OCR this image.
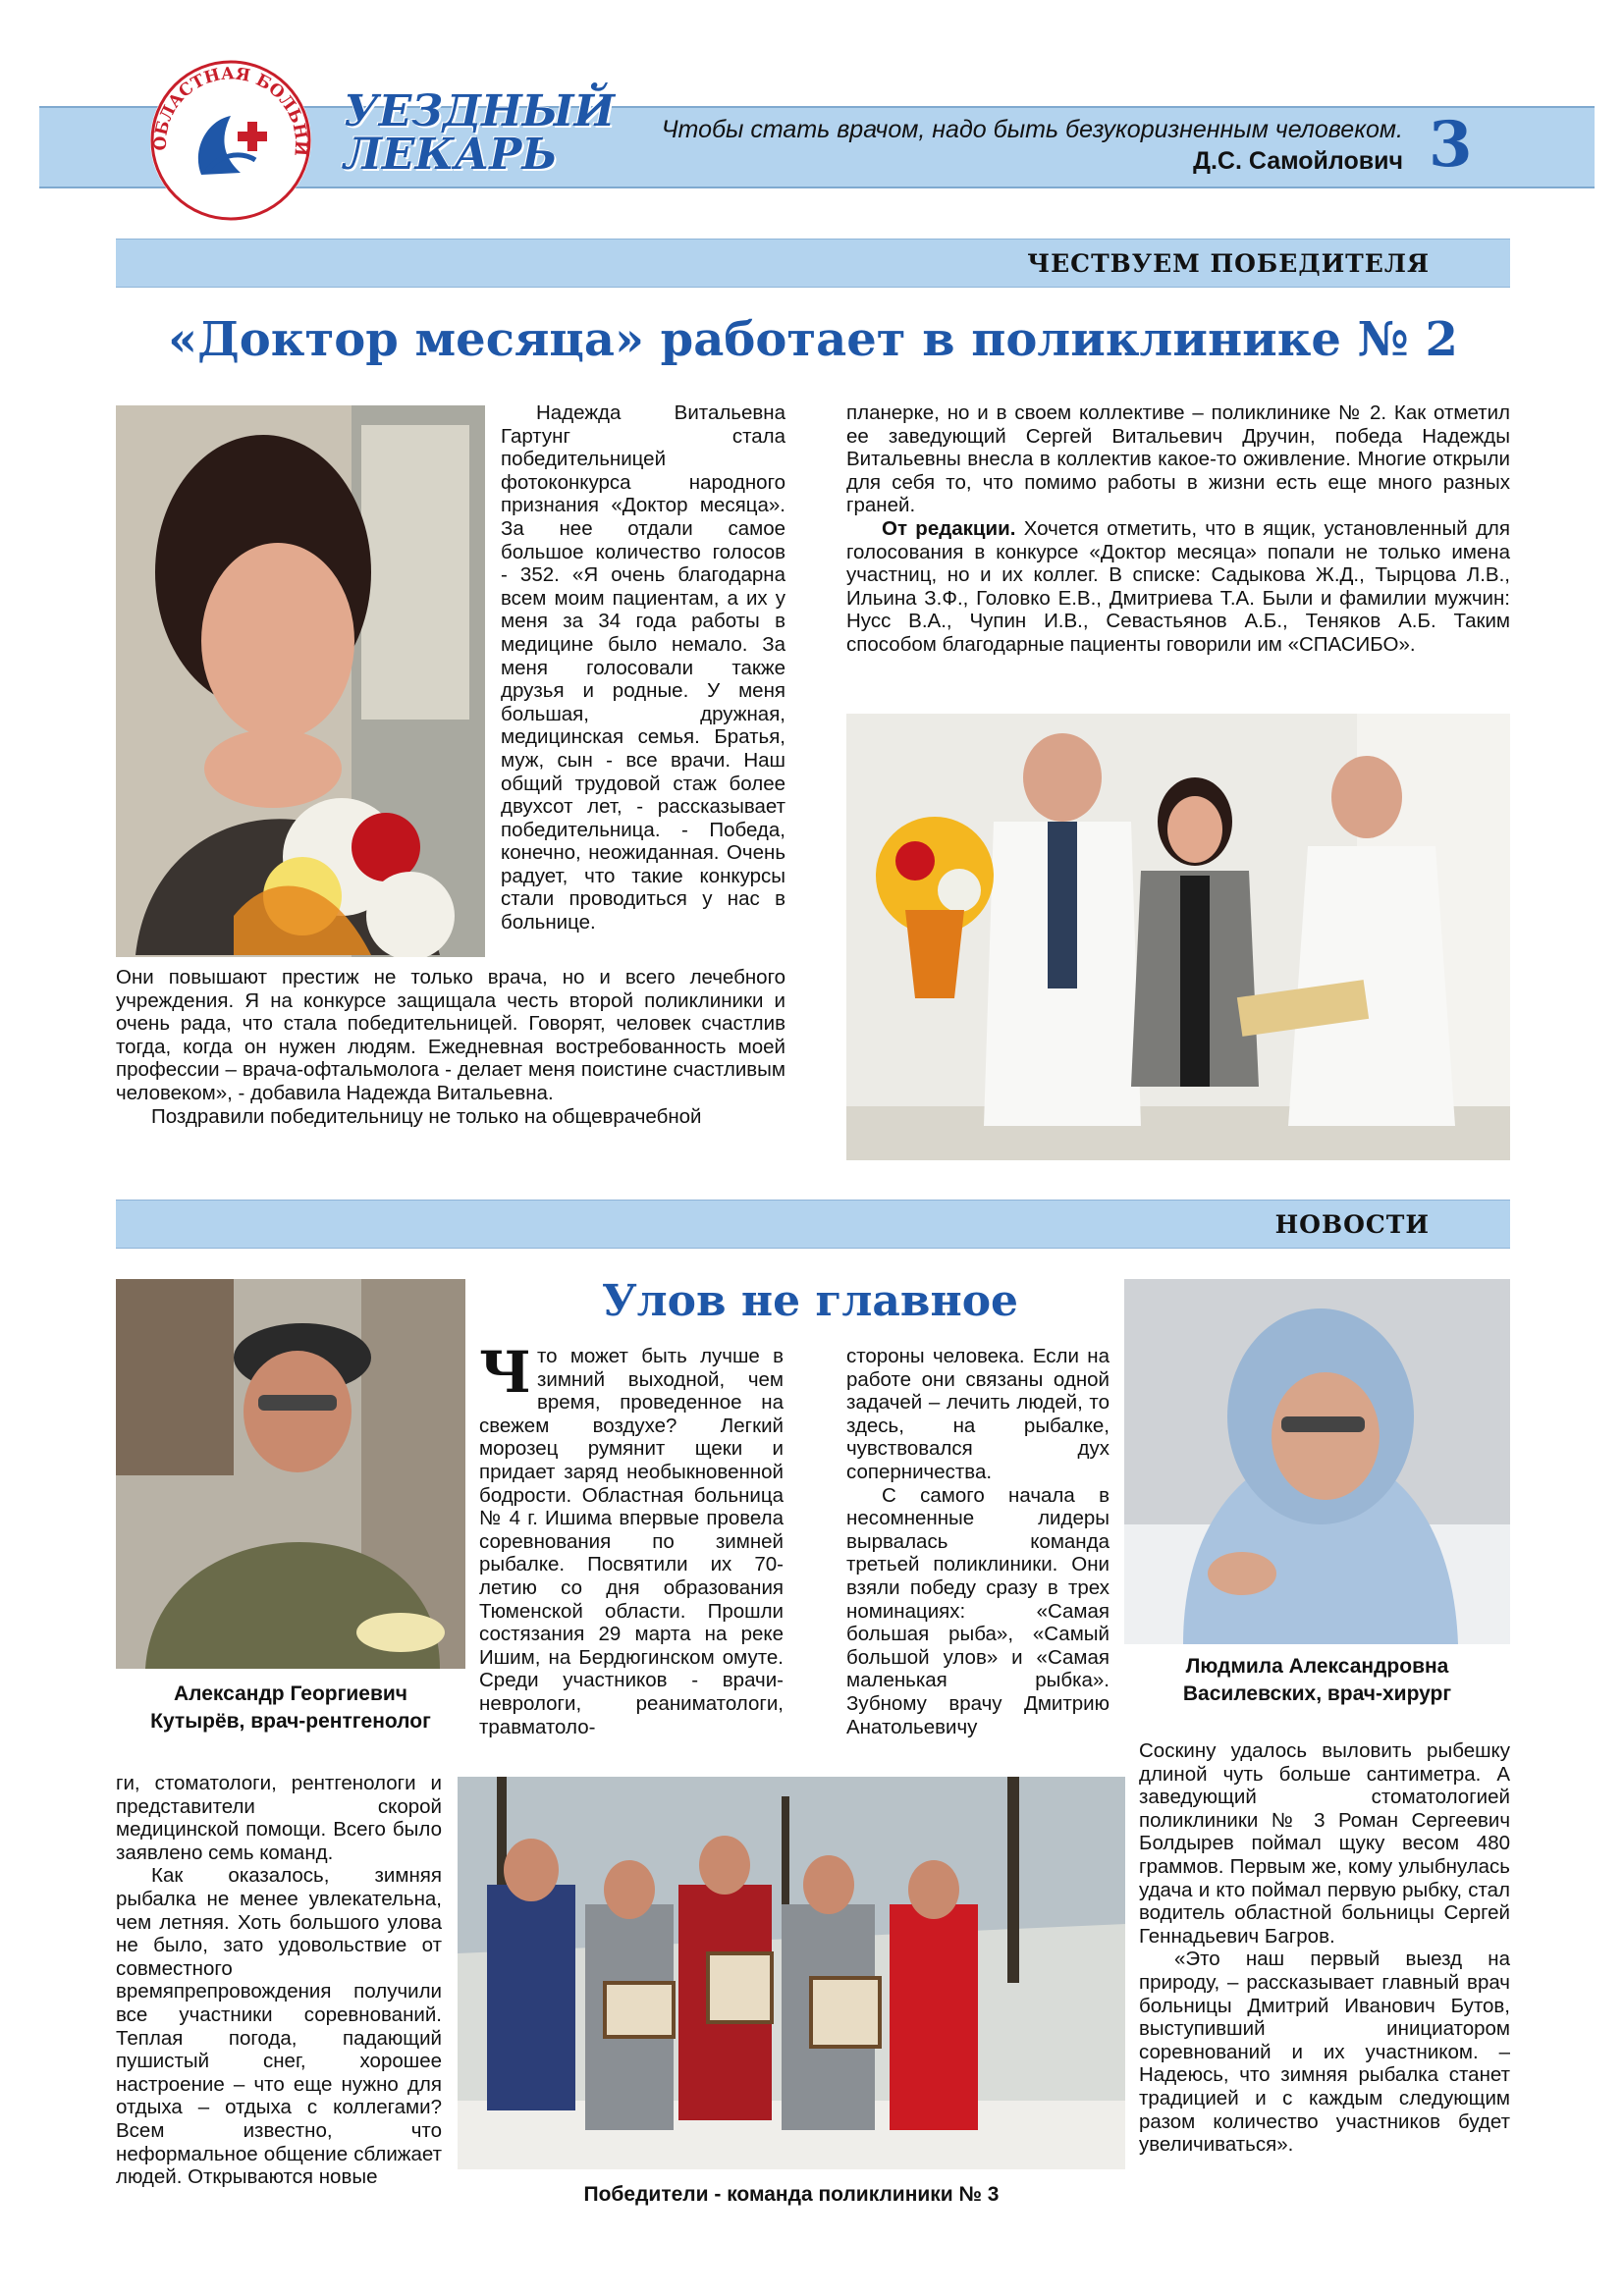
ОБЛАСТНАЯ БОЛЬНИ
УЕЗДНЫЙ
ЛЕКАРЬ	Чтобы стать врачом, надо быть безукоризненным человеком.
Д.С. Самойлович 3
ЧЕСТВУЕМ ПОБЕДИТЕЛЯ
«Доктор месяца» работает в поликлинике № 2

Надежда Витальевна Гартунг стала победительницей фотоконкурса народного признания «Доктор месяца». За нее отдали самое большое количество голосов - 352. «Я очень благодарна всем моим пациентам, а их у меня за 34 года работы в медицине было немало. За меня голосовали также друзья и родные. У меня большая, дружная, медицинская семья. Братья, муж, сын - все врачи. Наш общий трудовой стаж более двухсот лет, - рассказывает победительница. - Победа, конечно, неожиданная. Очень радует, что такие конкурсы стали проводиться у нас в больнице.

Они повышают престиж не только врача, но и всего лечебного учреждения. Я на конкурсе защищала честь второй поликлиники и очень рада, что стала победительницей. Говорят, человек счастлив тогда, когда он нужен людям. Ежедневная востребованность моей профессии – врача-офтальмолога - делает меня поистине счастливым человеком», - добавила Надежда Витальевна.

Поздравили победительницу не только на общеврачебной

планерке, но и в своем коллективе – поликлинике № 2. Как отметил ее заведующий Сергей Витальевич Дручин, победа Надежды Витальевны внесла в коллектив какое-то оживление. Многие открыли для себя то, что помимо работы в жизни есть еще много разных граней.

От редакции. Хочется отметить, что в ящик, установленный для голосования в конкурсе «Доктор месяца» попали не только имена участниц, но и их коллег. В списке: Садыкова Ж.Д., Тырцова Л.В., Ильина З.Ф., Головко Е.В., Дмитриева Т.А. Были и фамилии мужчин: Нусс В.А., Чупин И.В., Севастьянов А.Б., Теняков А.Б. Таким способом благодарные пациенты говорили им «СПАСИБО».

НОВОСТИ
Улов не главное
Александр Георгиевич
Кутырёв, врач-рентгенолог
Людмила Александровна
Василевских, врач-хирург
Что может быть лучше в зимний выходной, чем время, проведенное на свежем воздухе? Легкий морозец румянит щеки и придает заряд необыкновенной бодрости. Областная больница № 4 г. Ишима впервые провела соревнования по зимней рыбалке. Посвятили их 70-летию со дня образования Тюменской области. Прошли состязания 29 марта на реке Ишим, на Бердюгинском омуте. Среди участников - врачи-неврологи, реаниматологи, травматоло-

стороны человека. Если на работе они связаны одной задачей – лечить людей, то здесь, на рыбалке, чувствовался дух соперничества.

С самого начала в несомненные лидеры вырвалась команда третьей поликлиники. Они взяли победу сразу в трех номинациях: «Самая большая рыба», «Самый большой улов» и «Самая маленькая рыбка». Зубному врачу Дмитрию Анатольевичу

Соскину удалось выловить рыбешку длиной чуть больше сантиметра. А заведующий стоматологией поликлиники № 3 Роман Сергеевич Болдырев поймал щуку весом 480 граммов. Первым же, кому улыбнулась удача и кто поймал первую рыбку, стал водитель областной больницы Сергей Геннадьевич Багров.

«Это наш первый выезд на природу, – рассказывает главный врач больницы Дмитрий Иванович Бутов, выступивший инициатором соревнований и их участником. – Надеюсь, что зимняя рыбалка станет традицией и с каждым следующим разом количество участников будет увеличиваться».

ги, стоматологи, рентгенологи и представители скорой медицинской помощи. Всего было заявлено семь команд.

Как оказалось, зимняя рыбалка не менее увлекательна, чем летняя. Хоть большого улова не было, зато удовольствие от совместного времяпрепровождения получили все участники соревнований. Теплая погода, падающий пушистый снег, хорошее настроение – что еще нужно для отдыха – отдыха с коллегами? Всем известно, что неформальное общение сближает людей. Открываются новые

Победители - команда поликлиники № 3
